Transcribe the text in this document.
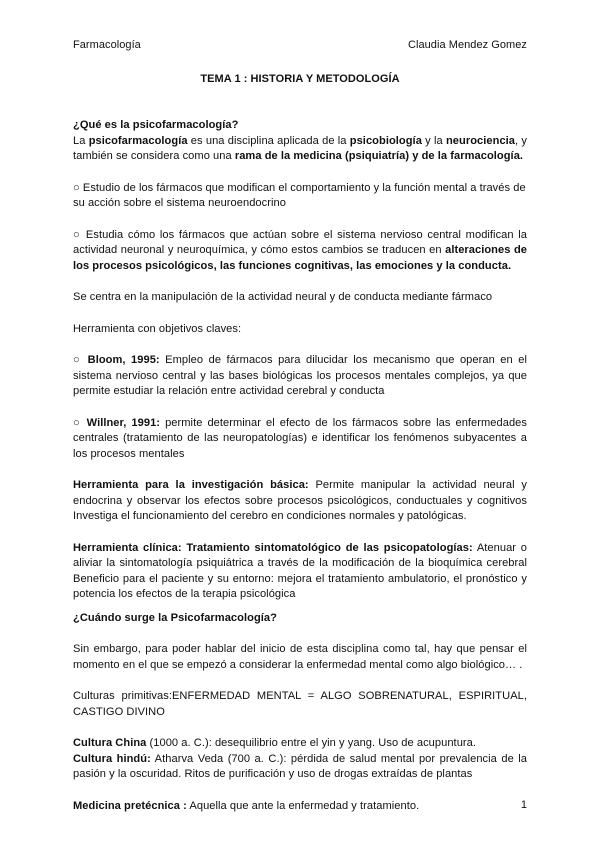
Farmacología	Claudia Mendez Gomez
TEMA 1 : HISTORIA Y METODOLOGÍA

¿Qué es la psicofarmacología?

La psicofarmacología es una disciplina aplicada de la psicobiología y la neurociencia, y también se considera como una rama de la medicina (psiquiatría) y de la farmacología.

○ Estudio de los fármacos que modifican el comportamiento y la función mental a través de su acción sobre el sistema neuroendocrino

○ Estudia cómo los fármacos que actúan sobre el sistema nervioso central modifican la actividad neuronal y neuroquímica, y cómo estos cambios se traducen en alteraciones de los procesos psicológicos, las funciones cognitivas, las emociones y la conducta.

Se centra en la manipulación de la actividad neural y de conducta mediante fármaco

Herramienta con objetivos claves:

○ Bloom, 1995: Empleo de fármacos para dilucidar los mecanismo que operan en el sistema nervioso central y las bases biológicas los procesos mentales complejos, ya que permite estudiar la relación entre actividad cerebral y conducta

○ Willner, 1991: permite determinar el efecto de los fármacos sobre las enfermedades centrales (tratamiento de las neuropatologías) e identificar los fenómenos subyacentes a los procesos mentales

Herramienta para la investigación básica: Permite manipular la actividad neural y endocrina y observar los efectos sobre procesos psicológicos, conductuales y cognitivos Investiga el funcionamiento del cerebro en condiciones normales y patológicas.

Herramienta clínica: Tratamiento sintomatológico de las psicopatologías: Atenuar o aliviar la sintomatología psiquiátrica a través de la modificación de la bioquímica cerebral Beneficio para el paciente y su entorno: mejora el tratamiento ambulatorio, el pronóstico y potencia los efectos de la terapia psicológica

¿Cuándo surge la Psicofarmacología?

Sin embargo, para poder hablar del inicio de esta disciplina como tal, hay que pensar el momento en el que se empezó a considerar la enfermedad mental como algo biológico… .

Culturas primitivas:ENFERMEDAD MENTAL = ALGO SOBRENATURAL, ESPIRITUAL, CASTIGO DIVINO

Cultura China (1000 a. C.): desequilibrio entre el yin y yang. Uso de acupuntura.

Cultura hindú: Atharva Veda (700 a. C.): pérdida de salud mental por prevalencia de la pasión y la oscuridad. Ritos de purificación y uso de drogas extraídas de plantas

Medicina pretécnica : Aquella que ante la enfermedad y tratamiento.	1
